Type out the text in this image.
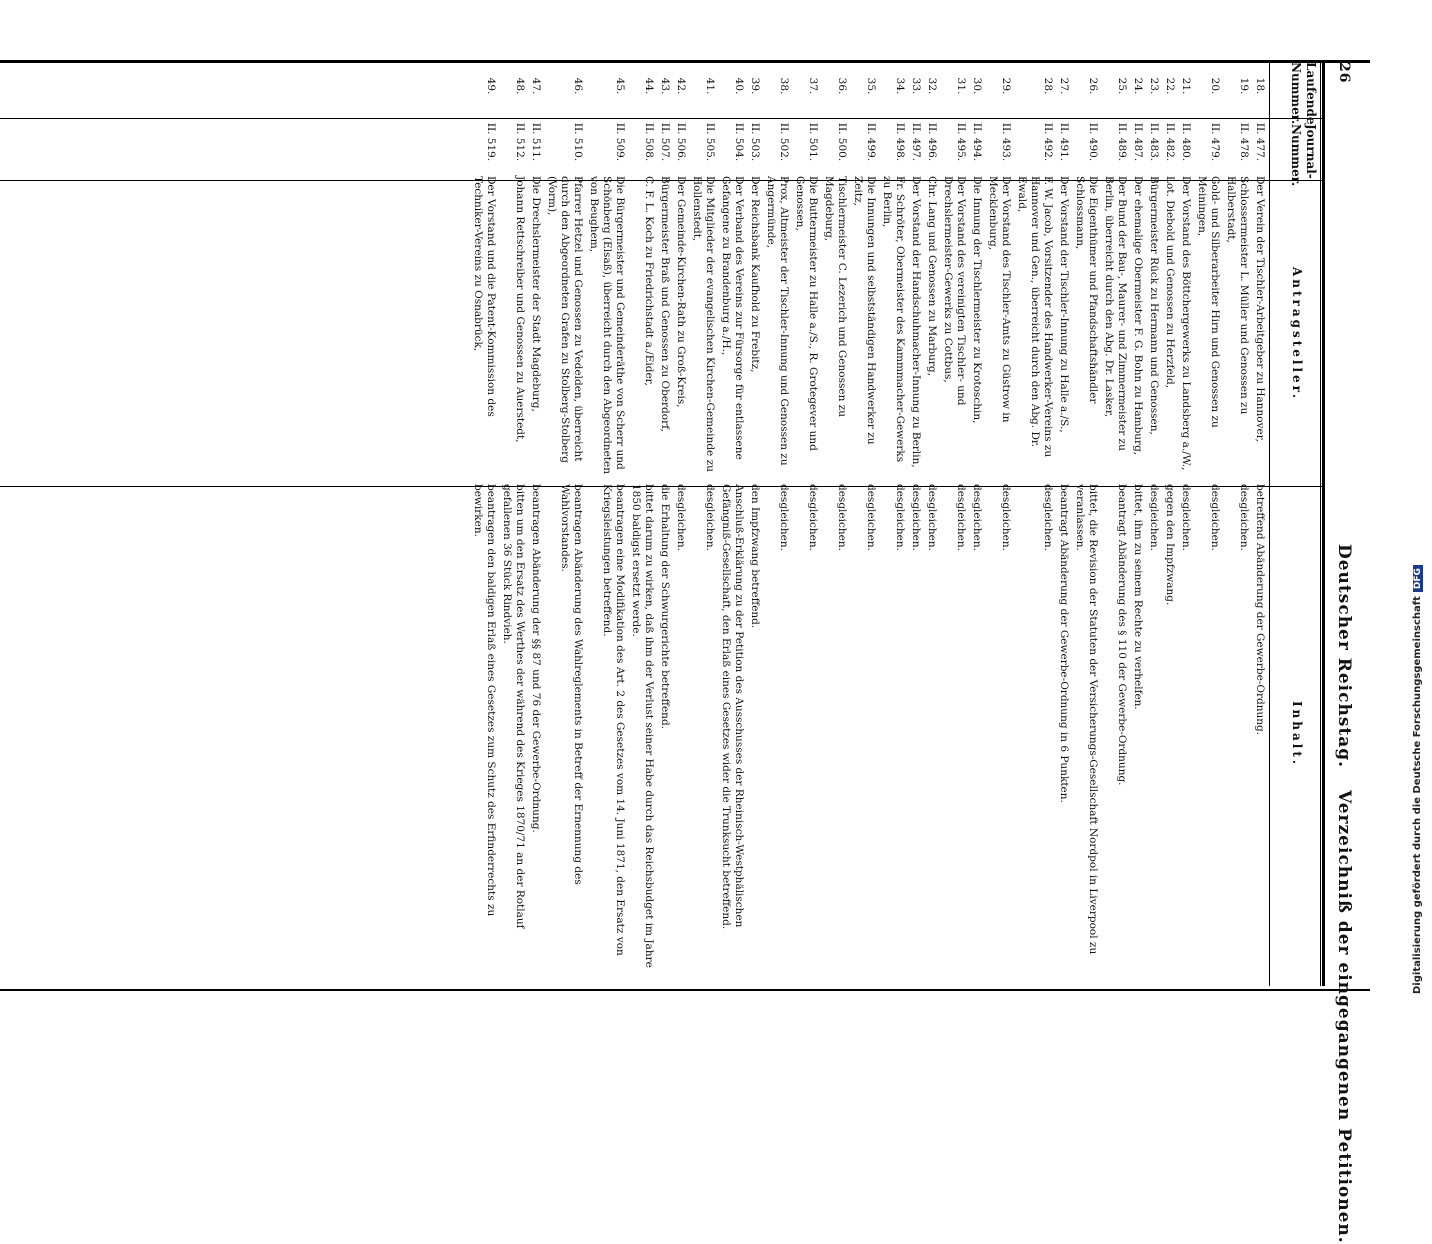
26
Deutscher Reichstag.Verzeichniß der eingegangenen Petitionen.
Laufende Nummer.
Journal-Nummer.
Antragsteller.
Inhalt.
18.
II. 477.
Der Verein der Tischler-Arbeitgeber zu Hannover,
betreffend Abänderung der Gewerbe-Ordnung.
19.
II. 478.
Schlossermeister L. Müller und Genossen zu Halberstadt,
desgleichen.
20.
II. 479.
Gold- und Silberarbeiter Hirn und Genossen zu Meiningen,
desgleichen.
21.
II. 480.
Der Vorstand des Böttchergewerks zu Landsberg a./W.,
desgleichen.
22.
II. 482.
Lot. Diebold und Genossen zu Herzfeld,
gegen den Impfzwang.
23.
II. 483.
Bürgermeister Rück zu Hermann und Genossen,
desgleichen.
24.
II. 487.
Der ehemalige Obermeister F. G. Bohn zu Hamburg,
bittet, ihm zu seinem Rechte zu verhelfen.
25.
II. 489.
Der Bund der Bau-, Maurer- und Zimmermeister zu Berlin, überreicht durch den Abg. Dr. Lasker,
beantragt Abänderung des § 110 der Gewerbe-Ordnung.
26.
II. 490.
Die Eigenthümer und Pfandschaftshändler Schlossmann,
bittet, die Revision der Statuten der Versicherungs-Gesellschaft Nordpol in Liverpool zu veranlassen.
27.
II. 491.
Der Vorstand der Tischler-Innung zu Halle a./S.,
beantragt Abänderung der Gewerbe-Ordnung in 6 Punkten.
28.
II. 492.
F. W. Jacob, Vorsitzender des Handwerker-Vereins zu Hannover und Gen., überreicht durch den Abg. Dr. Ewald,
desgleichen.
29.
II. 493.
Der Vorstand des Tischler-Amts zu Güstrow in Mecklenburg,
desgleichen.
30.
II. 494.
Die Innung der Tischlermeister zu Krotoschin,
desgleichen.
31.
II. 495.
Der Vorstand des vereinigten Tischler- und Drechslermeister-Gewerks zu Cottbus,
desgleichen.
32.
II. 496.
Chr. Lang und Genossen zu Marburg,
desgleichen.
33.
II. 497.
Der Vorstand der Handschuhmacher-Innung zu Berlin,
desgleichen.
34.
II. 498.
Fr. Schröter, Obermeister des Kammmacher-Gewerks zu Berlin,
desgleichen.
35.
II. 499.
Die Innungen und selbstständigen Handwerker zu Zeitz,
desgleichen.
36.
II. 500.
Tischlermeister C. Lezerich und Genossen zu Magdeburg,
desgleichen.
37.
II. 501.
Die Buttermeister zu Halle a./S., R. Grotegever und Genossen,
desgleichen.
38.
II. 502.
Prox, Altmeister der Tischler-Innung und Genossen zu Angermünde,
desgleichen.
39.
II. 503.
Der Reichsbank Kaufhold zu Frebitz,
den Impfzwang betreffend.
40.
II. 504.
Der Verband des Vereins zur Fürsorge für entlassene Gefangene zu Brandenburg a./H.,
Anschluß-Erklärung zu der Petition des Ausschusses der Rheinisch-Westphälischen Gefängniß-Gesellschaft, den Erlaß eines Gesetzes wider die Trunksucht betreffend.
41.
II. 505.
Die Mitglieder der evangelischen Kirchen-Gemeinde zu Hollenstedt,
desgleichen.
42.
II. 506.
Der Gemeinde-Kirchen-Rath zu Groß-Kreis,
desgleichen.
43.
II. 507.
Bürgermeister Braß und Genossen zu Oberdorf,
die Erhaltung der Schwurgerichte betreffend.
44.
II. 508.
C. F. L. Koch zu Friedrichstadt a./Eider,
bittet darum zu wirken, daß ihm der Verlust seiner Habe durch das Reichsbudget im Jahre 1850 baldigst ersetzt werde.
45.
II. 509.
Die Bürgermeister und Gemeinderäthe von Scherr und Schönberg (Elsaß), überreicht durch den Abgeordneten von Beughem,
beantragen eine Modifikation des Art. 2 des Gesetzes vom 14. Juni 1871, den Ersatz von Kriegsleistungen betreffend.
46.
II. 510.
Pfarrer Hetzel und Genossen zu Vedelden, überreicht durch den Abgeordneten Grafen zu Stolberg-Stolberg (Vorm),
beantragen Abänderung des Wahlreglements in Betreff der Ernennung des Wahlvorstandes.
47.
II. 511.
Die Drechslermeister der Stadt Magdeburg,
beantragen Abänderung der §§ 87 und 76 der Gewerbe-Ordnung.
48.
II. 512.
Johann Rettschreiber und Genossen zu Auerstedt,
bitten um den Ersatz des Werthes der während des Krieges 1870/71 an der Rotlauf gefallenen 36 Stück Rindvieh.
49.
II. 519.
Der Vorstand und die Patent-Kommission des Techniker-Vereins zu Osnabrück,
beantragen den baldigen Erlaß eines Gesetzes zum Schutz des Erfinderrechts zu bewirken.
Digitalisierung gefördert durch die Deutsche ForschungsgemeinschaftDFG
